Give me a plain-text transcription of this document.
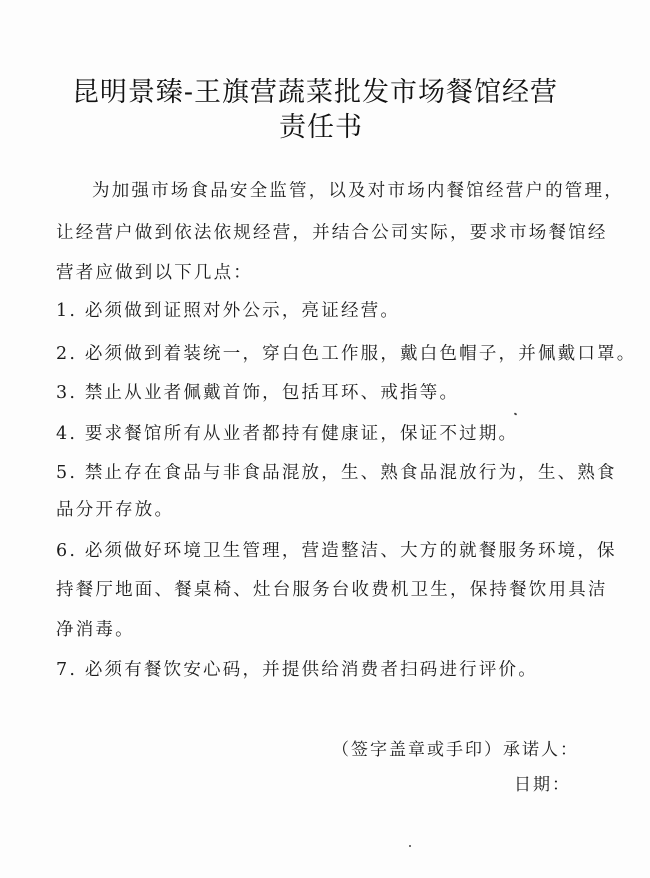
昆明景臻-王旗营蔬菜批发市场餐馆经营
责任书
为加强市场食品安全监管，以及对市场内餐馆经营户的管理，
让经营户做到依法依规经营，并结合公司实际，要求市场餐馆经
营者应做到以下几点：
1. 必须做到证照对外公示，亮证经营。
2. 必须做到着装统一，穿白色工作服，戴白色帽子，并佩戴口罩。
3. 禁止从业者佩戴首饰，包括耳环、戒指等。
4. 要求餐馆所有从业者都持有健康证，保证不过期。
5. 禁止存在食品与非食品混放，生、熟食品混放行为，生、熟食
品分开存放。
6. 必须做好环境卫生管理，营造整洁、大方的就餐服务环境，保
持餐厅地面、餐桌椅、灶台服务台收费机卫生，保持餐饮用具洁
净消毒。
7. 必须有餐饮安心码，并提供给消费者扫码进行评价。
（签字盖章或手印）承诺人：
日期：
